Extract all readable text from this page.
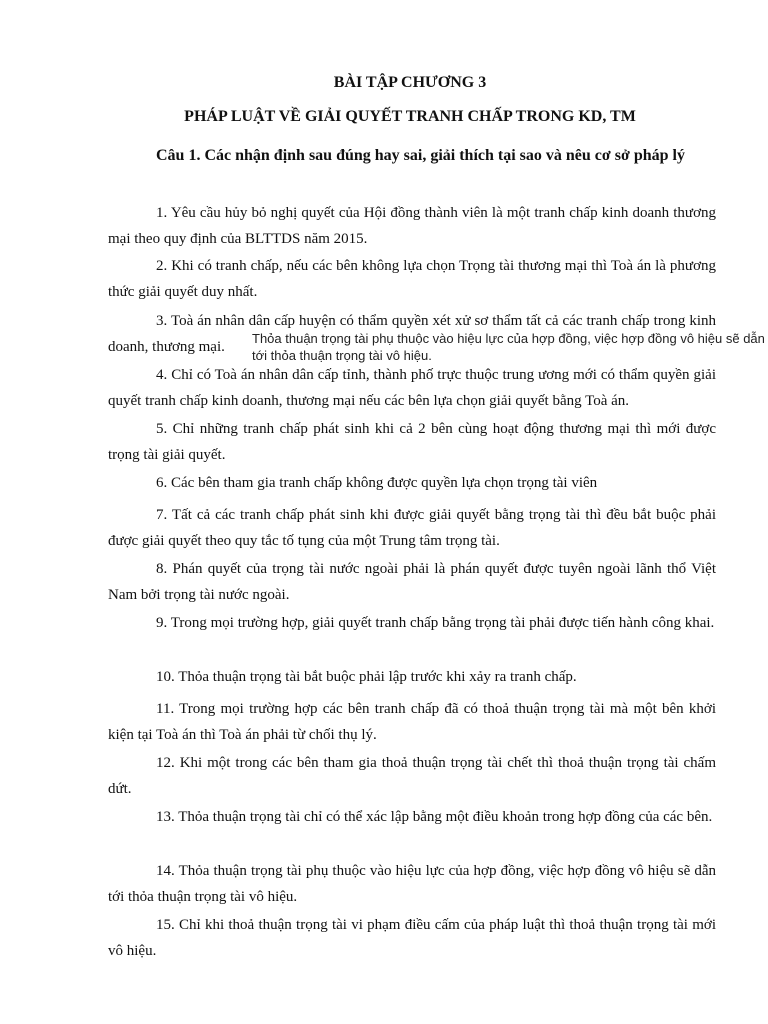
BÀI TẬP CHƯƠNG 3
PHÁP LUẬT VỀ GIẢI QUYẾT TRANH CHẤP TRONG KD, TM
Câu 1. Các nhận định sau đúng hay sai, giải thích tại sao và nêu cơ sở pháp lý
1. Yêu cầu hủy bỏ nghị quyết của Hội đồng thành viên là một tranh chấp kinh doanh thương mại theo quy định của BLTTDS năm 2015.
2. Khi có tranh chấp, nếu các bên không lựa chọn Trọng tài thương mại thì Toà án là phương thức giải quyết duy nhất.
3. Toà án nhân dân cấp huyện có thẩm quyền xét xử sơ thẩm tất cả các tranh chấp trong kinh doanh, thương mại.
4. Chỉ có Toà án nhân dân cấp tỉnh, thành phố trực thuộc trung ương mới có thẩm quyền giải quyết tranh chấp kinh doanh, thương mại nếu các bên lựa chọn giải quyết bằng Toà án.
5. Chỉ những tranh chấp phát sinh khi cả 2 bên cùng hoạt động thương mại thì mới được trọng tài giải quyết.
6. Các bên tham gia tranh chấp không được quyền lựa chọn trọng tài viên
7. Tất cả các tranh chấp phát sinh khi được giải quyết bằng trọng tài thì đều bắt buộc phải được giải quyết theo quy tắc tố tụng của một Trung tâm trọng tài.
8. Phán quyết của trọng tài nước ngoài phải là phán quyết được tuyên ngoài lãnh thổ Việt Nam bởi trọng tài nước ngoài.
9. Trong mọi trường hợp, giải quyết tranh chấp bằng trọng tài phải được tiến hành công khai.
10. Thỏa thuận trọng tài bắt buộc phải lập trước khi xảy ra tranh chấp.
11. Trong mọi trường hợp các bên tranh chấp đã có thoả thuận trọng tài mà một bên khởi kiện tại Toà án thì Toà án phải từ chối thụ lý.
12. Khi một trong các bên tham gia thoả thuận trọng tài chết thì thoả thuận trọng tài chấm dứt.
13. Thỏa thuận trọng tài chỉ có thể xác lập bằng một điều khoản trong hợp đồng của các bên.
14. Thỏa thuận trọng tài phụ thuộc vào hiệu lực của hợp đồng, việc hợp đồng vô hiệu sẽ dẫn tới thỏa thuận trọng tài vô hiệu.
15. Chỉ khi thoả thuận trọng tài vi phạm điều cấm của pháp luật thì thoả thuận trọng tài mới vô hiệu.
Thỏa thuận trọng tài phụ thuộc vào hiệu lực của hợp đồng, việc hợp đồng vô hiệu sẽ dẫn tới thỏa thuận trọng tài vô hiệu.
